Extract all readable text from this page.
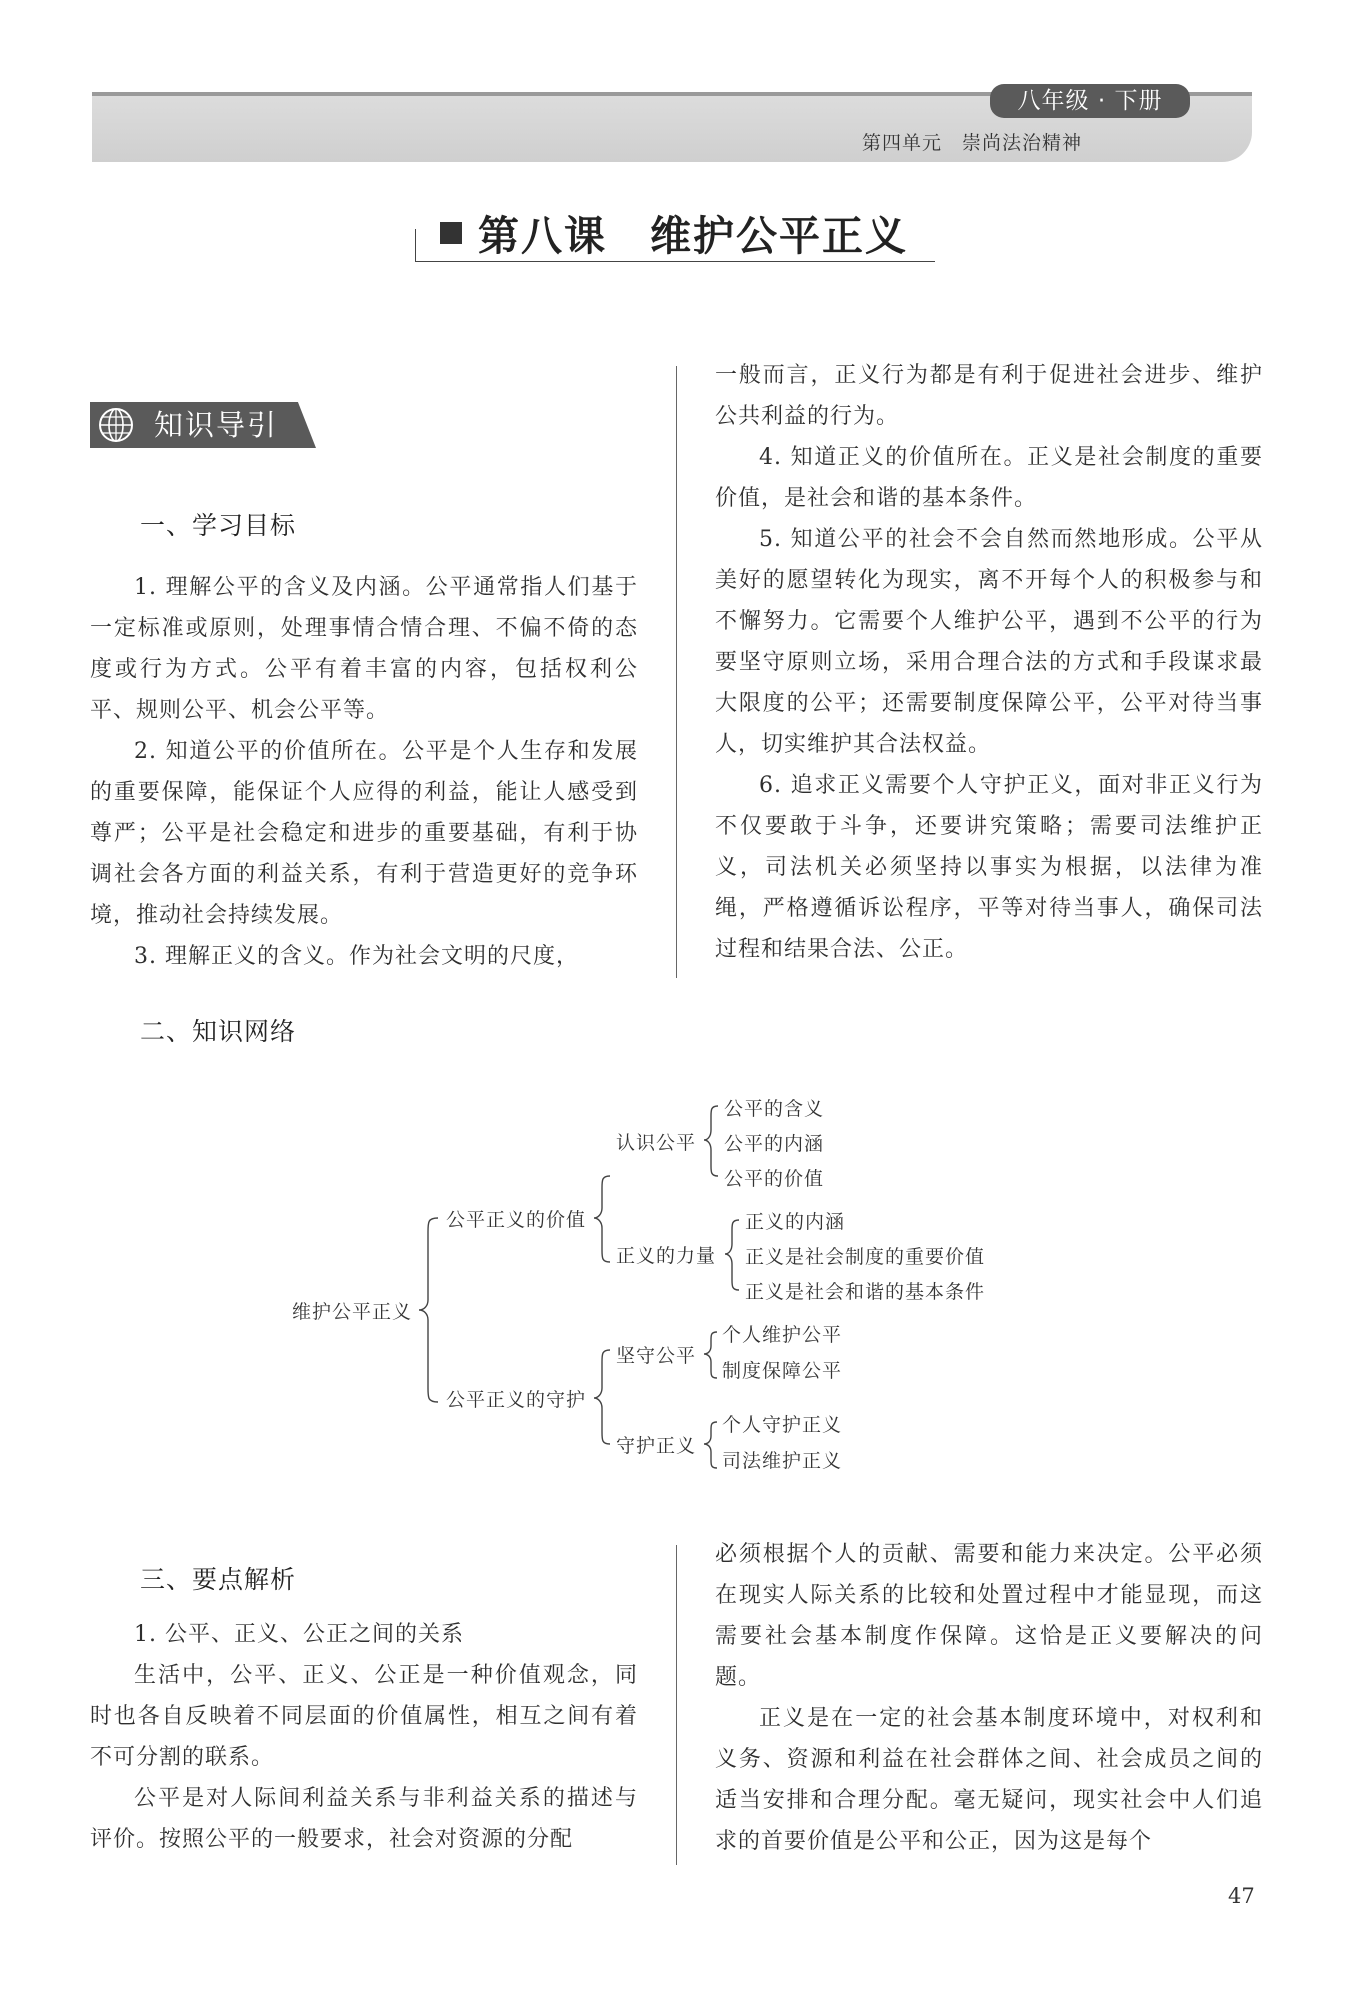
八年级 · 下册
第四单元　崇尚法治精神
第八课　维护公平正义
知识导引
一、学习目标

1. 理解公平的含义及内涵。公平通常指人们基于一定标准或原则，处理事情合情合理、不偏不倚的态度或行为方式。公平有着丰富的内容，包括权利公平、规则公平、机会公平等。

2. 知道公平的价值所在。公平是个人生存和发展的重要保障，能保证个人应得的利益，能让人感受到尊严；公平是社会稳定和进步的重要基础，有利于协调社会各方面的利益关系，有利于营造更好的竞争环境，推动社会持续发展。

3. 理解正义的含义。作为社会文明的尺度，

一般而言，正义行为都是有利于促进社会进步、维护公共利益的行为。

4. 知道正义的价值所在。正义是社会制度的重要价值，是社会和谐的基本条件。

5. 知道公平的社会不会自然而然地形成。公平从美好的愿望转化为现实，离不开每个人的积极参与和不懈努力。它需要个人维护公平，遇到不公平的行为要坚守原则立场，采用合理合法的方式和手段谋求最大限度的公平；还需要制度保障公平，公平对待当事人，切实维护其合法权益。

6. 追求正义需要个人守护正义，面对非正义行为不仅要敢于斗争，还要讲究策略；需要司法维护正义，司法机关必须坚持以事实为根据，以法律为准绳，严格遵循诉讼程序，平等对待当事人，确保司法过程和结果合法、公正。

二、知识网络
维护公平正义
公平正义的价值
公平正义的守护
认识公平
公平的含义
公平的内涵
公平的价值
正义的力量
正义的内涵
正义是社会制度的重要价值
正义是社会和谐的基本条件
坚守公平
个人维护公平
制度保障公平
守护正义
个人守护正义
司法维护正义
三、要点解析

1. 公平、正义、公正之间的关系

生活中，公平、正义、公正是一种价值观念，同时也各自反映着不同层面的价值属性，相互之间有着不可分割的联系。

公平是对人际间利益关系与非利益关系的描述与评价。按照公平的一般要求，社会对资源的分配

必须根据个人的贡献、需要和能力来决定。公平必须在现实人际关系的比较和处置过程中才能显现，而这需要社会基本制度作保障。这恰是正义要解决的问题。

正义是在一定的社会基本制度环境中，对权利和义务、资源和利益在社会群体之间、社会成员之间的适当安排和合理分配。毫无疑问，现实社会中人们追求的首要价值是公平和公正，因为这是每个

47
